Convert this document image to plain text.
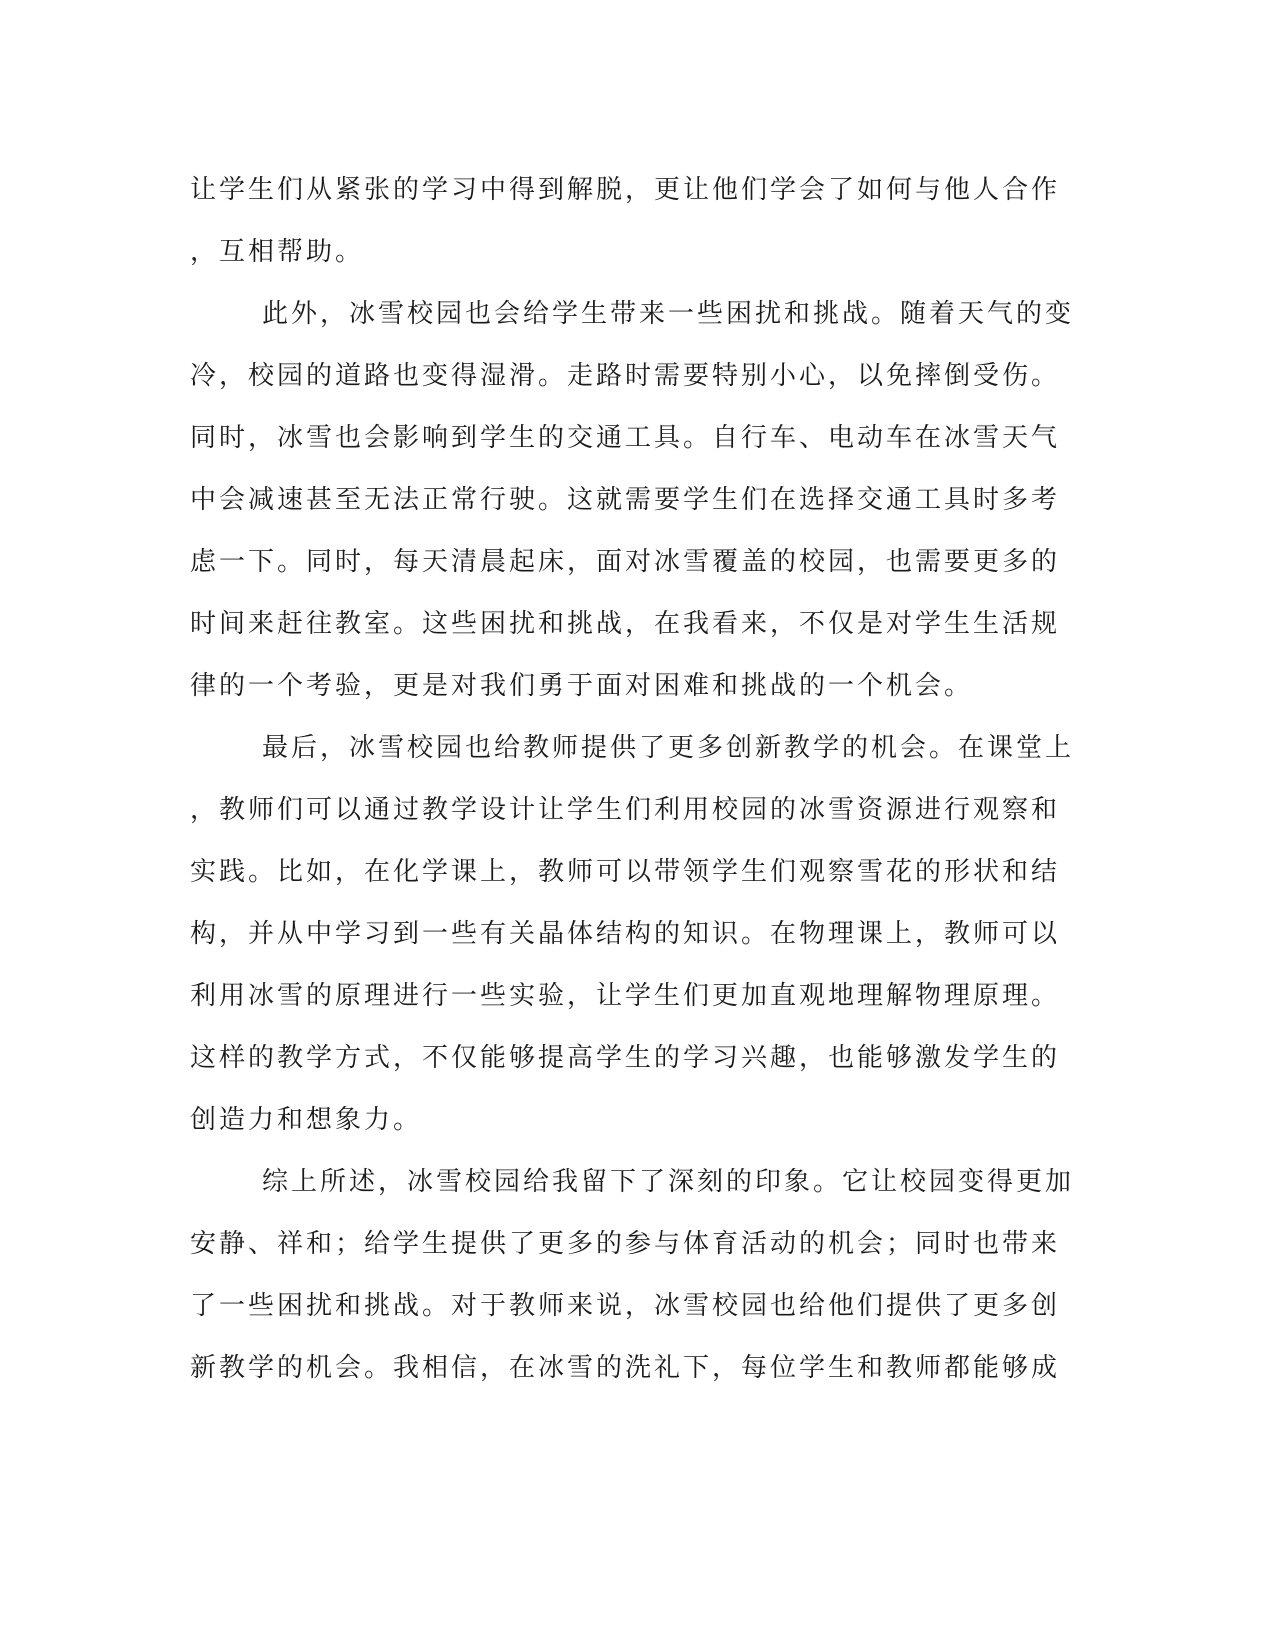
让学生们从紧张的学习中得到解脱，更让他们学会了如何与他人合作
，互相帮助。
此外，冰雪校园也会给学生带来一些困扰和挑战。随着天气的变
冷，校园的道路也变得湿滑。走路时需要特别小心，以免摔倒受伤。
同时，冰雪也会影响到学生的交通工具。自行车、电动车在冰雪天气
中会减速甚至无法正常行驶。这就需要学生们在选择交通工具时多考
虑一下。同时，每天清晨起床，面对冰雪覆盖的校园，也需要更多的
时间来赶往教室。这些困扰和挑战，在我看来，不仅是对学生生活规
律的一个考验，更是对我们勇于面对困难和挑战的一个机会。
最后，冰雪校园也给教师提供了更多创新教学的机会。在课堂上
，教师们可以通过教学设计让学生们利用校园的冰雪资源进行观察和
实践。比如，在化学课上，教师可以带领学生们观察雪花的形状和结
构，并从中学习到一些有关晶体结构的知识。在物理课上，教师可以
利用冰雪的原理进行一些实验，让学生们更加直观地理解物理原理。
这样的教学方式，不仅能够提高学生的学习兴趣，也能够激发学生的
创造力和想象力。
综上所述，冰雪校园给我留下了深刻的印象。它让校园变得更加
安静、祥和；给学生提供了更多的参与体育活动的机会；同时也带来
了一些困扰和挑战。对于教师来说，冰雪校园也给他们提供了更多创
新教学的机会。我相信，在冰雪的洗礼下，每位学生和教师都能够成
